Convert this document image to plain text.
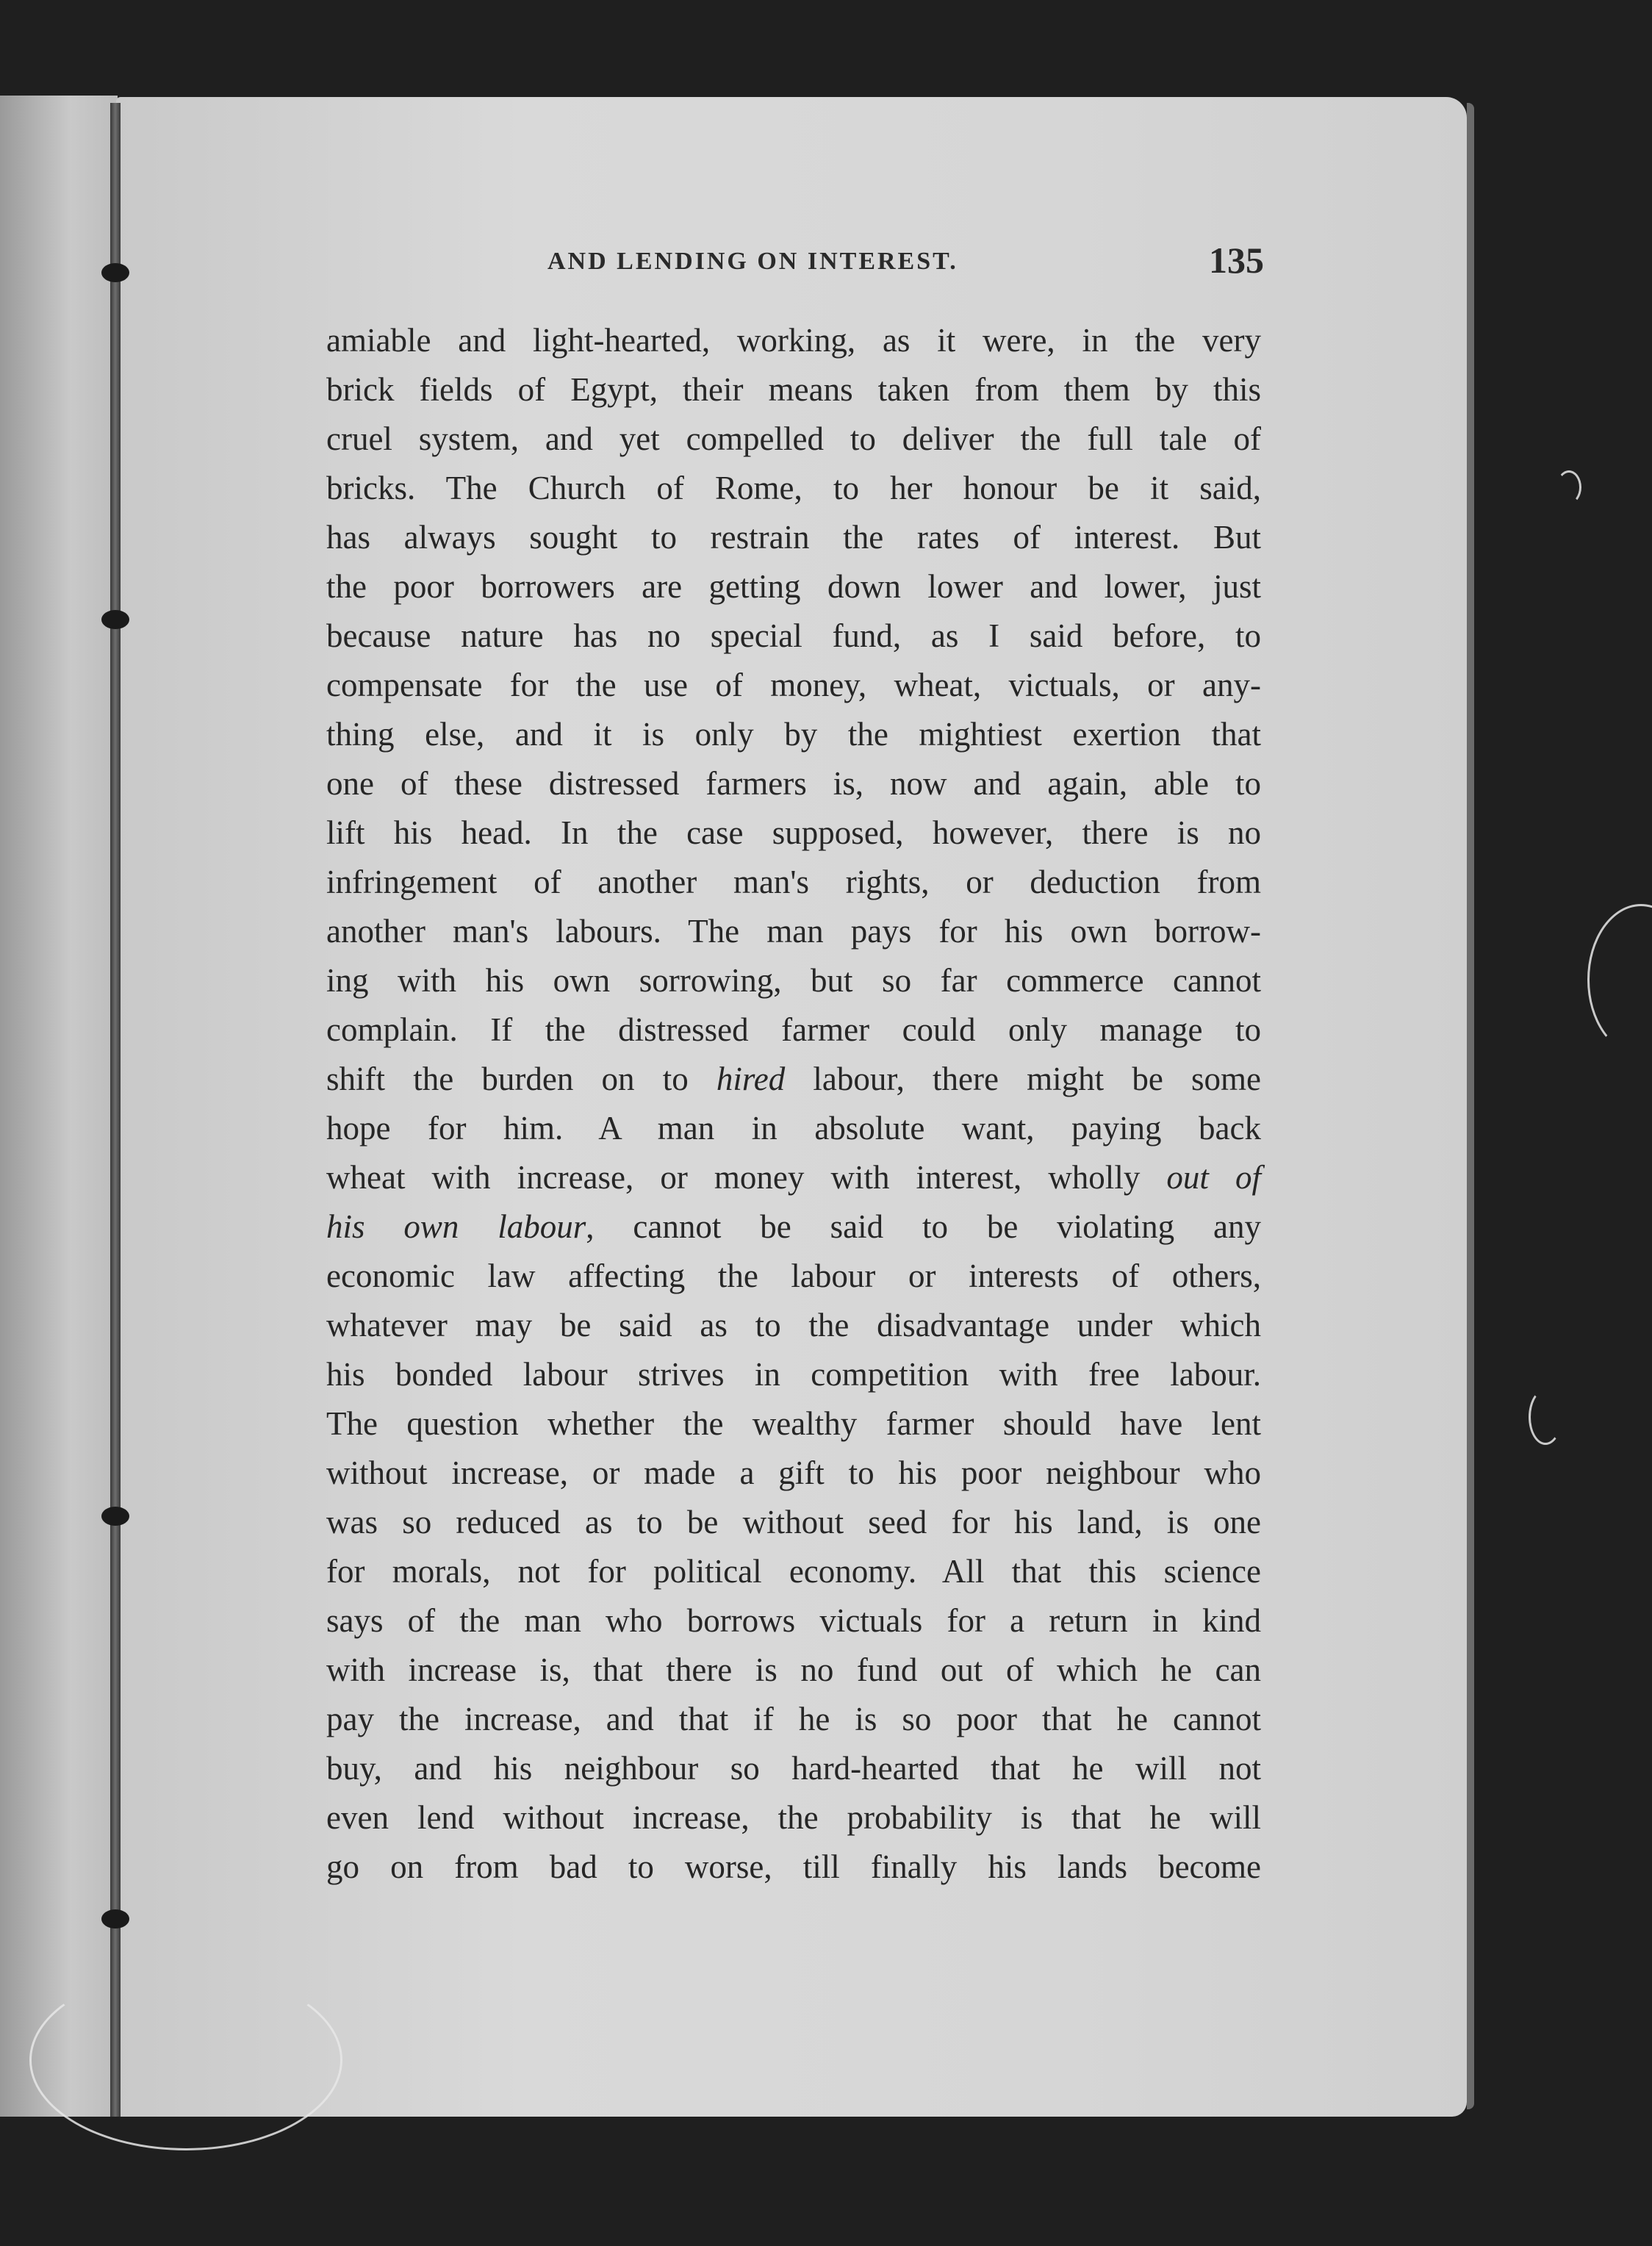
AND LENDING ON INTEREST.	135
amiable and light-hearted, working, as it were, in the very
brick fields of Egypt, their means taken from them by this
cruel system, and yet compelled to deliver the full tale of
bricks. The Church of Rome, to her honour be it said,
has always sought to restrain the rates of interest. But
the poor borrowers are getting down lower and lower, just
because nature has no special fund, as I said before, to
compensate for the use of money, wheat, victuals, or any-
thing else, and it is only by the mightiest exertion that
one of these distressed farmers is, now and again, able to
lift his head. In the case supposed, however, there is no
infringement of another man's rights, or deduction from
another man's labours. The man pays for his own borrow-
ing with his own sorrowing, but so far commerce cannot
complain. If the distressed farmer could only manage to
shift the burden on to hired labour, there might be some
hope for him. A man in absolute want, paying back
wheat with increase, or money with interest, wholly out of
his own labour, cannot be said to be violating any
economic law affecting the labour or interests of others,
whatever may be said as to the disadvantage under which
his bonded labour strives in competition with free labour.
The question whether the wealthy farmer should have lent
without increase, or made a gift to his poor neighbour who
was so reduced as to be without seed for his land, is one
for morals, not for political economy. All that this science
says of the man who borrows victuals for a return in kind
with increase is, that there is no fund out of which he can
pay the increase, and that if he is so poor that he cannot
buy, and his neighbour so hard-hearted that he will not
even lend without increase, the probability is that he will
go on from bad to worse, till finally his lands become
